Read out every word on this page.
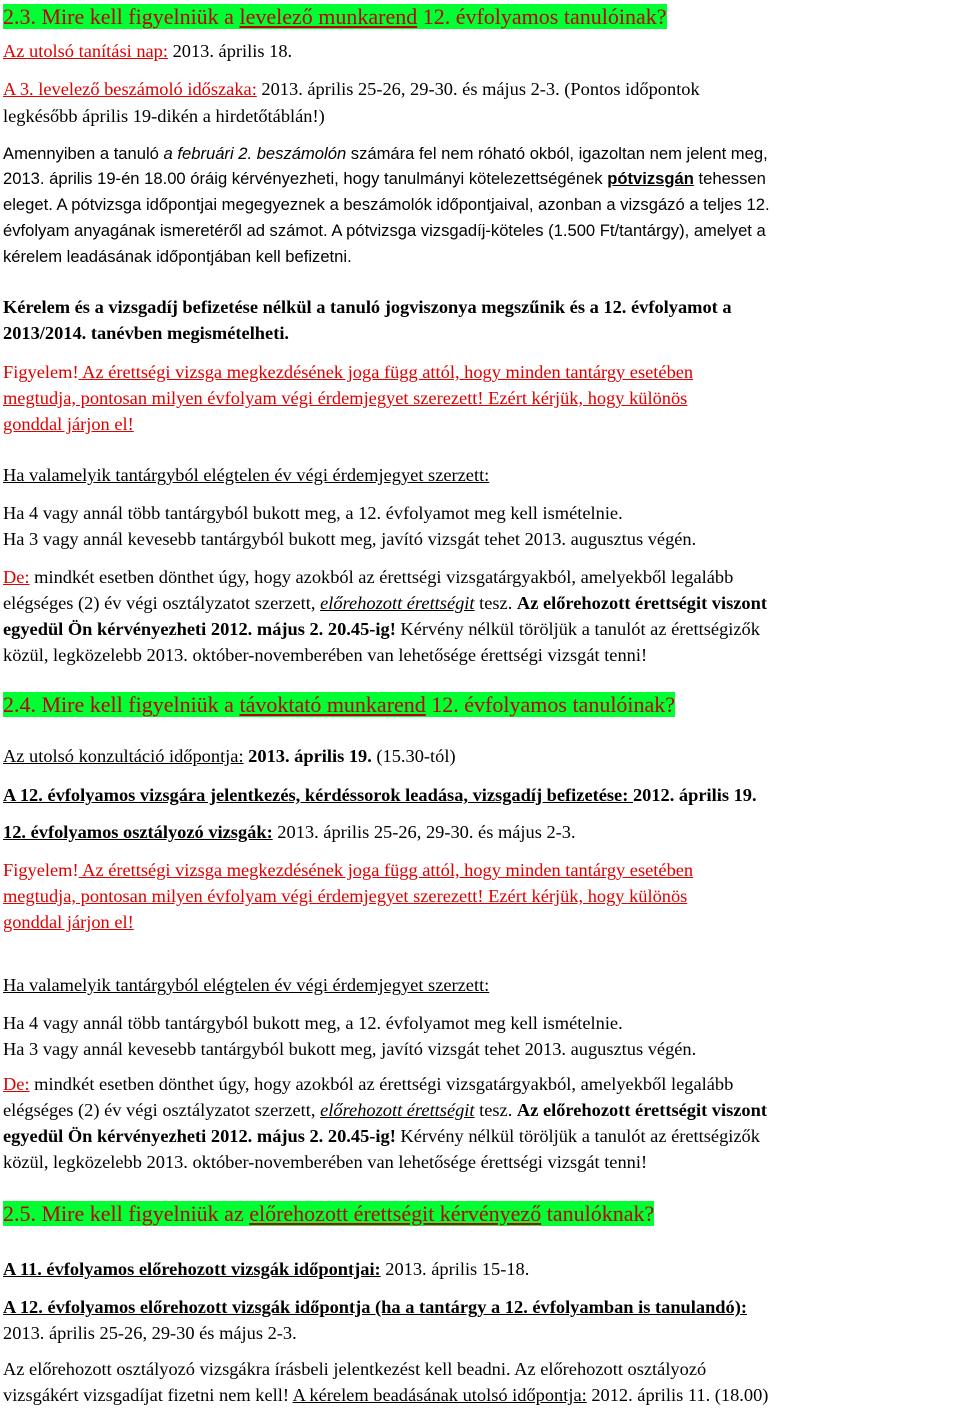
2.3. Mire kell figyelniük a levelező munkarend 12. évfolyamos tanulóinak?
Az utolsó tanítási nap: 2013. április 18.
A 3. levelező beszámoló időszaka: 2013. április 25-26, 29-30. és május 2-3. (Pontos időpontok
legkésőbb április 19-dikén a hirdetőtáblán!)
Amennyiben a tanuló a februári 2. beszámolón számára fel nem róható okból, igazoltan nem jelent meg,
2013. április 19-én 18.00 óráig kérvényezheti, hogy tanulmányi kötelezettségének pótvizsgán tehessen
eleget. A pótvizsga időpontjai megegyeznek a beszámolók időpontjaival, azonban a vizsgázó a teljes 12.
évfolyam anyagának ismeretéről ad számot. A pótvizsga vizsgadíj-köteles (1.500 Ft/tantárgy), amelyet a
kérelem leadásának időpontjában kell befizetni.
Kérelem és a vizsgadíj befizetése nélkül a tanuló jogviszonya megszűnik és a 12. évfolyamot a
2013/2014. tanévben megismételheti.
Figyelem! Az érettségi vizsga megkezdésének joga függ attól, hogy minden tantárgy esetében
megtudja, pontosan milyen évfolyam végi érdemjegyet szerezett! Ezért kérjük, hogy különös
gonddal járjon el!
Ha valamelyik tantárgyból elégtelen év végi érdemjegyet szerzett:
Ha 4 vagy annál több tantárgyból bukott meg, a 12. évfolyamot meg kell ismételnie.
Ha 3 vagy annál kevesebb tantárgyból bukott meg, javító vizsgát tehet 2013. augusztus végén.
De: mindkét esetben dönthet úgy, hogy azokból az érettségi vizsgatárgyakból, amelyekből legalább
elégséges (2) év végi osztályzatot szerzett, előrehozott érettségit tesz. Az előrehozott érettségit viszont
egyedül Ön kérvényezheti 2012. május 2. 20.45-ig! Kérvény nélkül töröljük a tanulót az érettségizők
közül, legközelebb 2013. október-novemberében van lehetősége érettségi vizsgát tenni!
2.4. Mire kell figyelniük a távoktató munkarend 12. évfolyamos tanulóinak?
Az utolsó konzultáció időpontja: 2013. április 19. (15.30-tól)
A 12. évfolyamos vizsgára jelentkezés, kérdéssorok leadása, vizsgadíj befizetése: 2012. április 19.
12. évfolyamos osztályozó vizsgák: 2013. április 25-26, 29-30. és május 2-3.
Figyelem! Az érettségi vizsga megkezdésének joga függ attól, hogy minden tantárgy esetében
megtudja, pontosan milyen évfolyam végi érdemjegyet szerezett! Ezért kérjük, hogy különös
gonddal járjon el!
Ha valamelyik tantárgyból elégtelen év végi érdemjegyet szerzett:
Ha 4 vagy annál több tantárgyból bukott meg, a 12. évfolyamot meg kell ismételnie.
Ha 3 vagy annál kevesebb tantárgyból bukott meg, javító vizsgát tehet 2013. augusztus végén.
De: mindkét esetben dönthet úgy, hogy azokból az érettségi vizsgatárgyakból, amelyekből legalább
elégséges (2) év végi osztályzatot szerzett, előrehozott érettségit tesz. Az előrehozott érettségit viszont
egyedül Ön kérvényezheti 2012. május 2. 20.45-ig! Kérvény nélkül töröljük a tanulót az érettségizők
közül, legközelebb 2013. október-novemberében van lehetősége érettségi vizsgát tenni!
2.5. Mire kell figyelniük az előrehozott érettségit kérvényező tanulóknak?
A 11. évfolyamos előrehozott vizsgák időpontjai: 2013. április 15-18.
A 12. évfolyamos előrehozott vizsgák időpontja (ha a tantárgy a 12. évfolyamban is tanulandó):
2013. április 25-26, 29-30 és május 2-3.
Az előrehozott osztályozó vizsgákra írásbeli jelentkezést kell beadni. Az előrehozott osztályozó
vizsgákért vizsgadíjat fizetni nem kell! A kérelem beadásának utolsó időpontja: 2012. április 11. (18.00)
